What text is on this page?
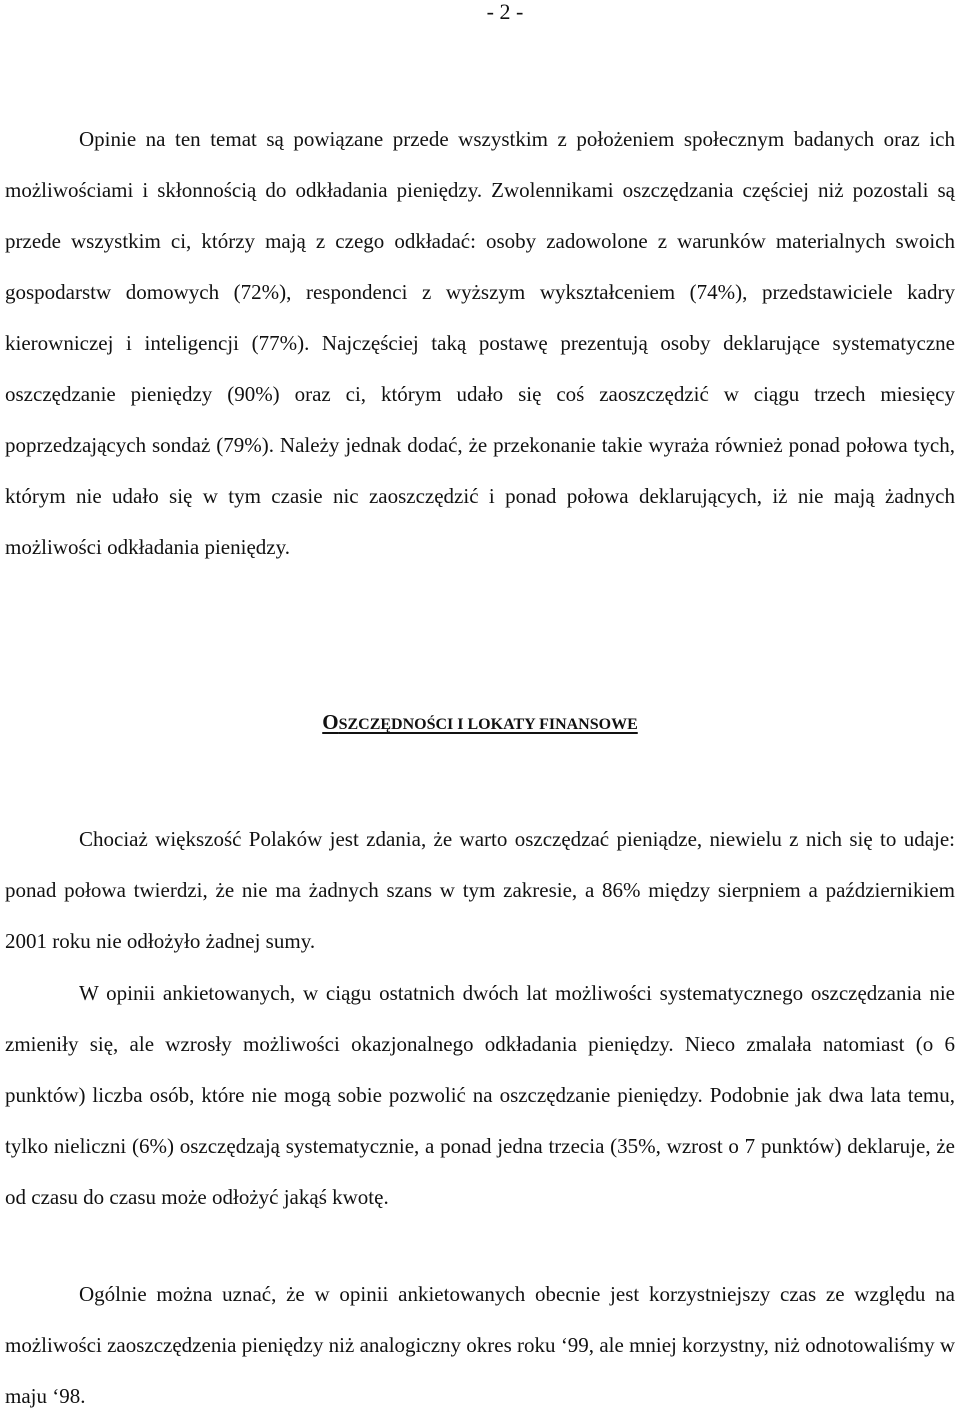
- 2 -

Opinie na ten temat są powiązane przede wszystkim z położeniem społecznym badanych oraz ich możliwościami i skłonnością do odkładania pieniędzy. Zwolennikami oszczędzania częściej niż pozostali są przede wszystkim ci, którzy mają z czego odkładać: osoby zadowolone z warunków materialnych swoich gospodarstw domowych (72%), respondenci z wyższym wykształceniem (74%), przedstawiciele kadry kierowniczej i inteligencji (77%). Najczęściej taką postawę prezentują osoby deklarujące systematyczne oszczędzanie pieniędzy (90%) oraz ci, którym udało się coś zaoszczędzić w ciągu trzech miesięcy poprzedzających sondaż (79%). Należy jednak dodać, że przekonanie takie wyraża również ponad połowa tych, którym nie udało się w tym czasie nic zaoszczędzić i ponad połowa deklarujących, iż nie mają żadnych możliwości odkładania pieniędzy.

OSZCZĘDNOŚCI I LOKATY FINANSOWE

Chociaż większość Polaków jest zdania, że warto oszczędzać pieniądze, niewielu z nich się to udaje: ponad połowa twierdzi, że nie ma żadnych szans w tym zakresie, a 86% między sierpniem a październikiem 2001 roku nie odłożyło żadnej sumy.

W opinii ankietowanych, w ciągu ostatnich dwóch lat możliwości systematycznego oszczędzania nie zmieniły się, ale wzrosły możliwości okazjonalnego odkładania pieniędzy. Nieco zmalała natomiast (o 6 punktów) liczba osób, które nie mogą sobie pozwolić na oszczędzanie pieniędzy. Podobnie jak dwa lata temu, tylko nieliczni (6%) oszczędzają systematycznie, a ponad jedna trzecia (35%, wzrost o 7 punktów) deklaruje, że od czasu do czasu może odłożyć jakąś kwotę.

Ogólnie można uznać, że w opinii ankietowanych obecnie jest korzystniejszy czas ze względu na możliwości zaoszczędzenia pieniędzy niż analogiczny okres roku ‘99, ale mniej korzystny, niż odnotowaliśmy w maju ‘98.
